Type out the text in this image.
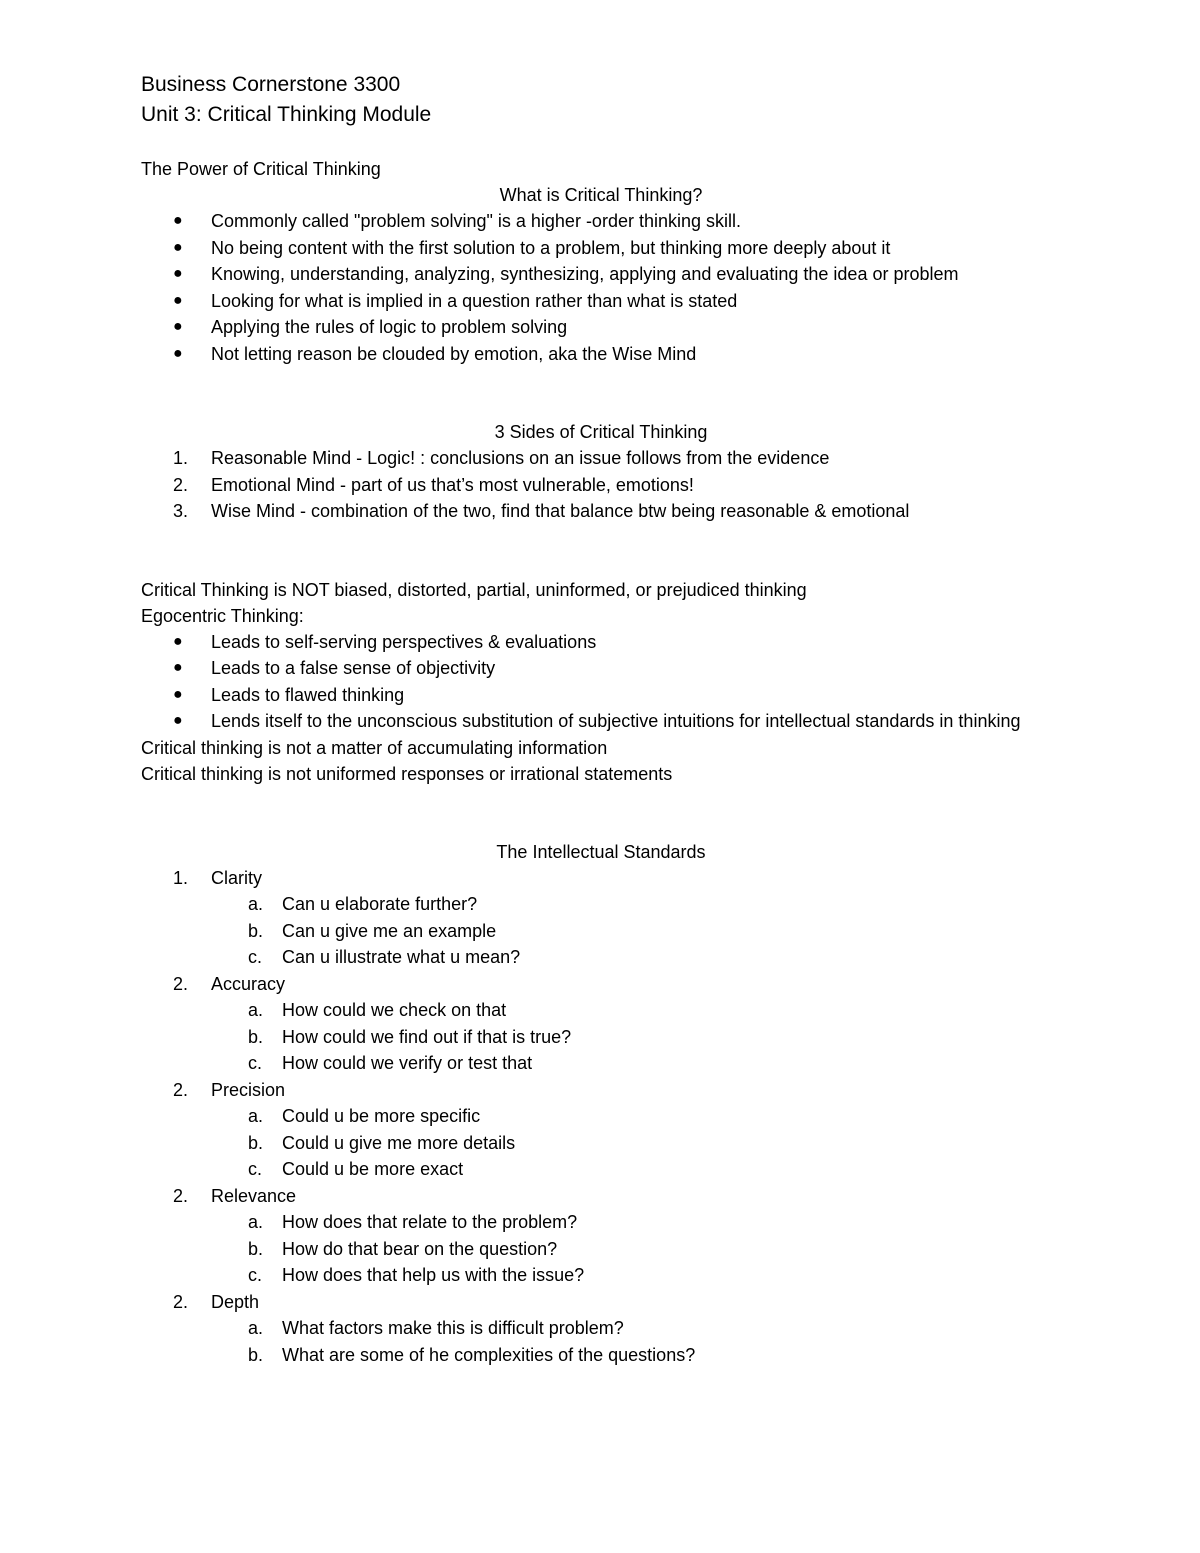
Business Cornerstone 3300
Unit 3: Critical Thinking Module
The Power of Critical Thinking
What is Critical Thinking?
● Commonly called "problem solving" is a higher -order thinking skill.
● No being content with the first solution to a problem, but thinking more deeply about it
● Knowing, understanding, analyzing, synthesizing, applying and evaluating the idea or problem
● Looking for what is implied in a question rather than what is stated
● Applying the rules of logic to problem solving
● Not letting reason be clouded by emotion, aka the Wise Mind
3 Sides of Critical Thinking
1. Reasonable Mind - Logic! : conclusions on an issue follows from the evidence
2. Emotional Mind - part of us that’s most vulnerable, emotions!
3. Wise Mind - combination of the two, find that balance btw being reasonable & emotional
Critical Thinking is NOT biased, distorted, partial, uninformed, or prejudiced thinking
Egocentric Thinking:
● Leads to self-serving perspectives & evaluations
● Leads to a false sense of objectivity
● Leads to flawed thinking
● Lends itself to the unconscious substitution of subjective intuitions for intellectual standards in thinking
Critical thinking is not a matter of accumulating information
Critical thinking is not uniformed responses or irrational statements
The Intellectual Standards
1. Clarity
a. Can u elaborate further?
b. Can u give me an example
c. Can u illustrate what u mean?
2. Accuracy
a. How could we check on that
b. How could we find out if that is true?
c. How could we verify or test that
2. Precision
a. Could u be more specific
b. Could u give me more details
c. Could u be more exact
2. Relevance
a. How does that relate to the problem?
b. How do that bear on the question?
c. How does that help us with the issue?
2. Depth
a. What factors make this is difficult problem?
b. What are some of he complexities of the questions?
